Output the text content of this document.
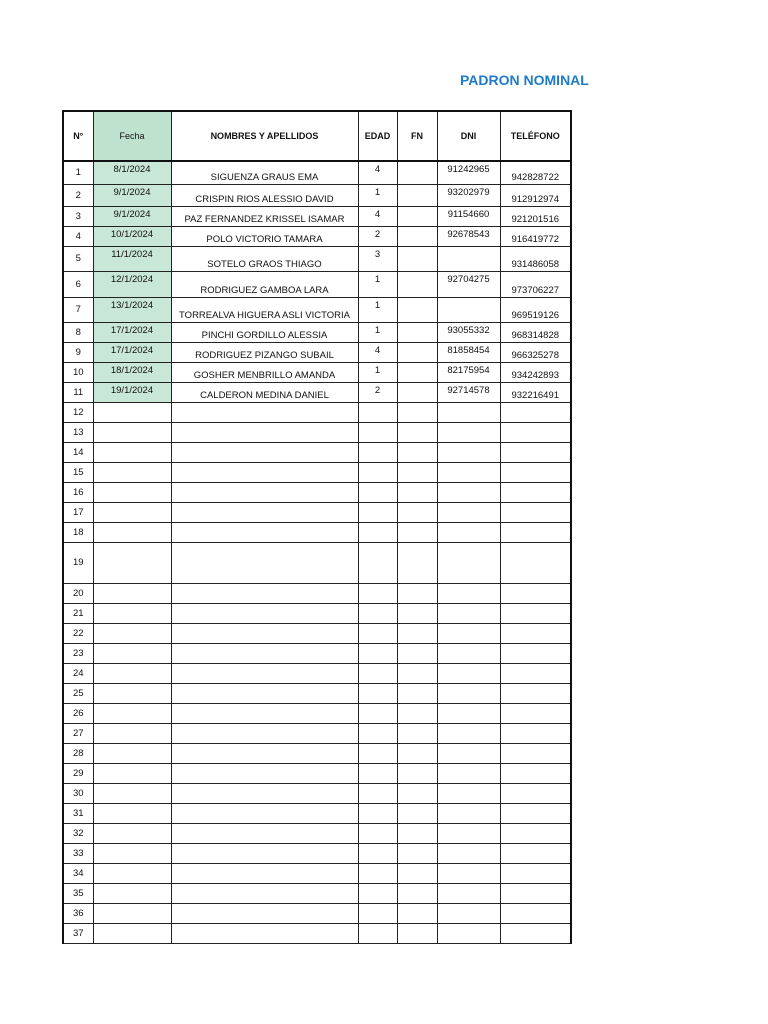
PADRON NOMINAL
N°	Fecha	NOMBRES Y APELLIDOS	EDAD	FN	DNI	TELÉFONO
1	8/1/2024	SIGUENZA GRAUS EMA	4		91242965	942828722
2	9/1/2024	CRISPIN RIOS ALESSIO DAVID	1		93202979	912912974
3	9/1/2024	PAZ FERNANDEZ KRISSEL ISAMAR	4		91154660	921201516
4	10/1/2024	POLO VICTORIO TAMARA	2		92678543	916419772
5	11/1/2024	SOTELO GRAOS THIAGO	3			931486058
6	12/1/2024	RODRIGUEZ GAMBOA LARA	1		92704275	973706227
7	13/1/2024	TORREALVA HIGUERA ASLI VICTORIA	1			969519126
8	17/1/2024	PINCHI GORDILLO ALESSIA	1		93055332	968314828
9	17/1/2024	RODRIGUEZ PIZANGO SUBAIL	4		81858454	966325278
10	18/1/2024	GOSHER MENBRILLO AMANDA	1		82175954	934242893
11	19/1/2024	CALDERON MEDINA DANIEL	2		92714578	932216491
12						
13						
14						
15						
16						
17						
18						
19						
20						
21						
22						
23						
24						
25						
26						
27						
28						
29						
30						
31						
32						
33						
34						
35						
36						
37						
